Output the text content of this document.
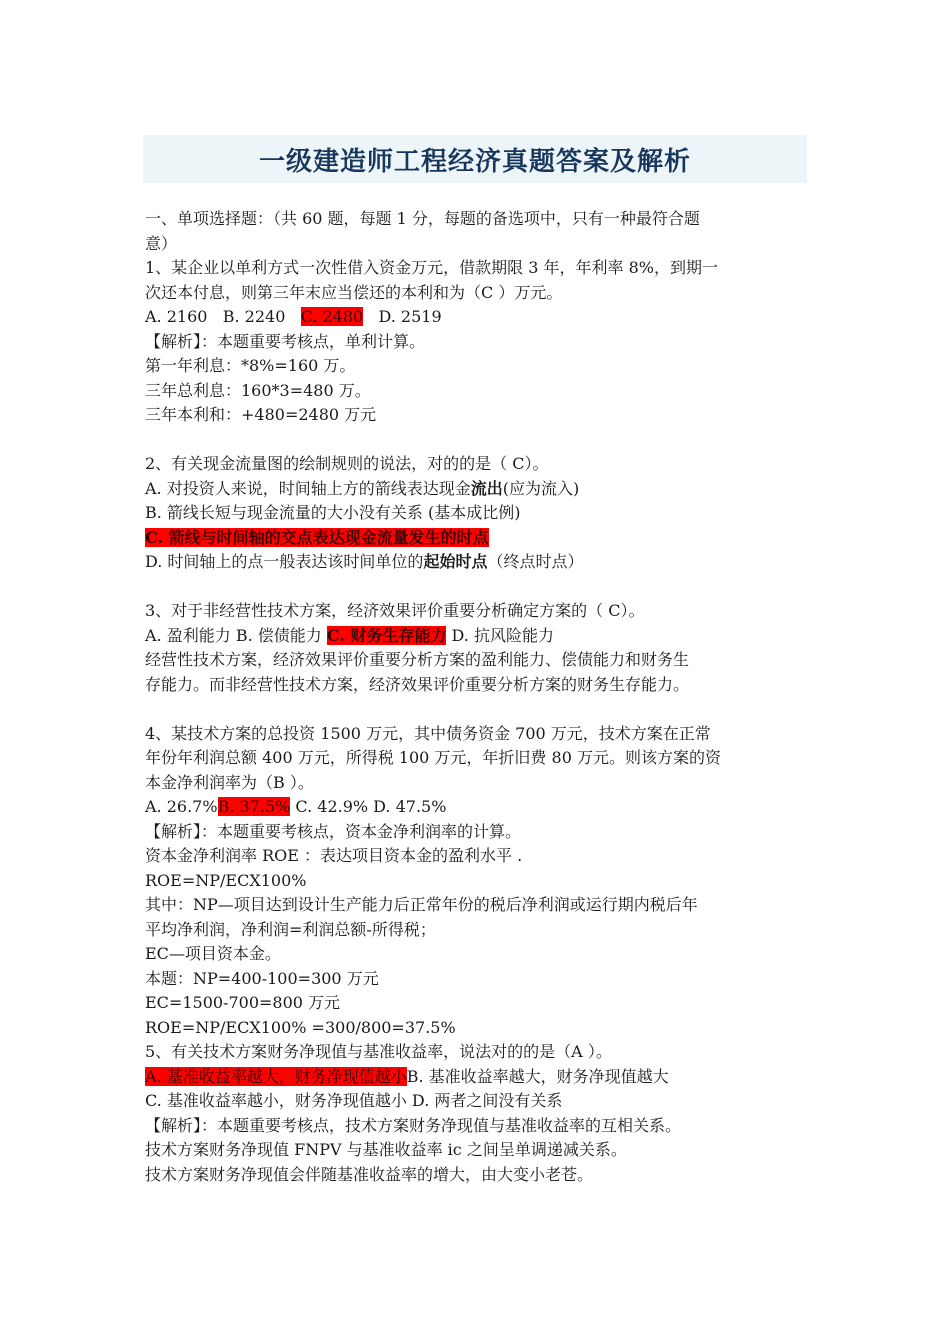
一级建造师工程经济真题答案及解析
一、单项选择题：（共 60 题，每题 1 分，每题的备选项中，只有一种最符合题
意）
1、某企业以单利方式一次性借入资金万元，借款期限 3 年，年利率 8%，到期一
次还本付息，则第三年末应当偿还的本利和为（C ）万元。
A. 2160 B. 2240 C. 2480 D. 2519
【解析】：本题重要考核点，单利计算。
第一年利息：*8%=160 万。
三年总利息：160*3=480 万。
三年本利和：+480=2480 万元
2、有关现金流量图的绘制规则的说法，对的的是（ C）。
A. 对投资人来说，时间轴上方的箭线表达现金流出(应为流入)
B. 箭线长短与现金流量的大小没有关系 (基本成比例)
C. 箭线与时间轴的交点表达现金流量发生的时点
D. 时间轴上的点一般表达该时间单位的起始时点（终点时点）
3、对于非经营性技术方案，经济效果评价重要分析确定方案的（ C）。
A. 盈利能力 B. 偿债能力 C. 财务生存能力 D. 抗风险能力
经营性技术方案，经济效果评价重要分析方案的盈利能力、偿债能力和财务生
存能力。而非经营性技术方案，经济效果评价重要分析方案的财务生存能力。
4、某技术方案的总投资 1500 万元，其中债务资金 700 万元，技术方案在正常
年份年利润总额 400 万元，所得税 100 万元，年折旧费 80 万元。则该方案的资
本金净利润率为（B ）。
A. 26.7%B. 37.5% C. 42.9% D. 47.5%
【解析】：本题重要考核点，资本金净利润率的计算。
资本金净利润率 ROE ：表达项目资本金的盈利水平 .
ROE=NP/ECX100%
其中：NP—项目达到设计生产能力后正常年份的税后净利润或运行期内税后年
平均净利润，净利润=利润总额-所得税；
EC—项目资本金。
本题：NP=400-100=300 万元
EC=1500-700=800 万元
ROE=NP/ECX100% =300/800=37.5%
5、有关技术方案财务净现值与基准收益率，说法对的的是（A ）。
A. 基准收益率越大，财务净现值越小B. 基准收益率越大，财务净现值越大
C. 基准收益率越小，财务净现值越小 D. 两者之间没有关系
【解析】：本题重要考核点，技术方案财务净现值与基准收益率的互相关系。
技术方案财务净现值 FNPV 与基准收益率 ic 之间呈单调递减关系。
技术方案财务净现值会伴随基准收益率的增大，由大变小老苍。
